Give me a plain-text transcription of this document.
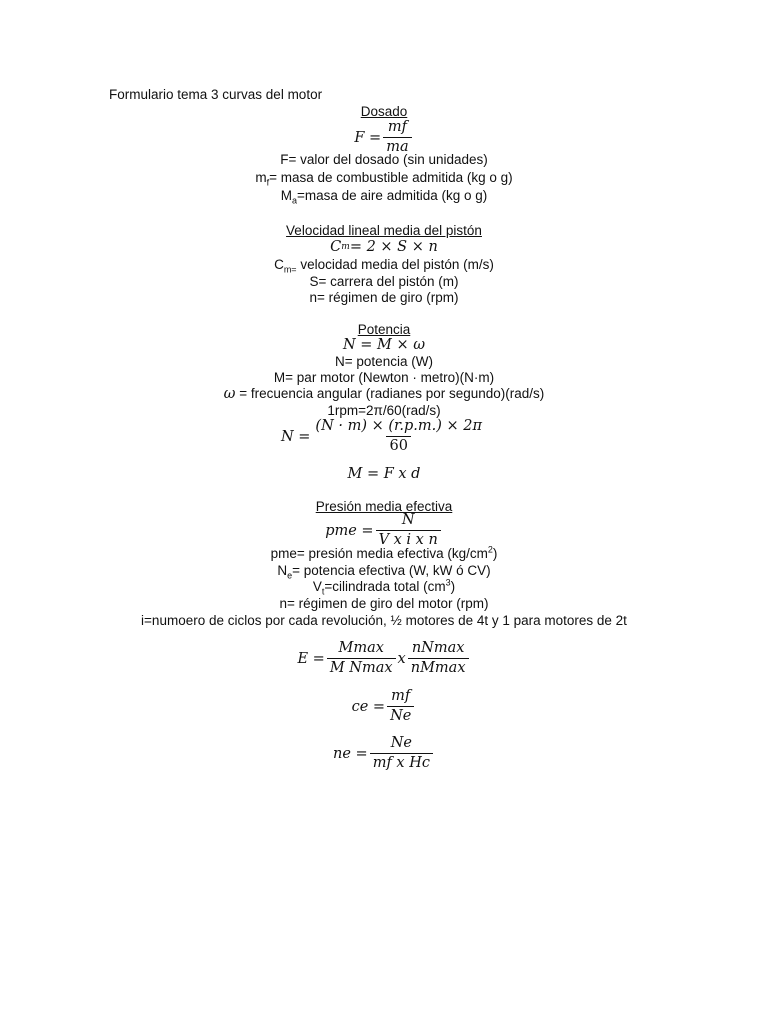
Formulario tema 3 curvas del motor
Dosado
$F = \frac{mf}{ma}$
F= valor del dosado (sin unidades)
$m_f=$ masa de combustible admitida (kg o g)
$M_a=masa$ de aire admitida (kg o g)
Velocidad lineal media del pistón
C m = 2 × S × n
$C_{m=}$ velocidad media del pistón (m/s)
S= carrera del pistón (m)
n= régimen de giro (rpm)
Potencia
N = M × ω
N= potencia (W)
M= par motor (Newton · metro)(N·m)
ω = frecuencia angular (radianes por segundo)(rad/s)
1rpm=2π/60(rad/s)
$N = \frac{(N \cdot m) \times (r.p.m.) \times 2\pi}{60}$
M = F x d
Presión media efectiva
pme = $\frac{N}{\text{V x i x n}}$
pme= presión media efectiva $(kg/cm^2)$
$N_e=$ potencia efectiva (W, kW ó CV)
$V_t=cilindrada$ total $(cm^3)$
n= régimen de giro del motor (rpm)
i=numoero de ciclos por cada revolución, ½ motores de 4t y 1 para motores de 2t
$E = \frac{Mmax}{\text{M Nmax}}$ x $\frac{nNmax}{nMmax}$
ce = $\frac{mf}{Ne}$
ne = $\frac{Ne}{\text{mf x Hc}}$
